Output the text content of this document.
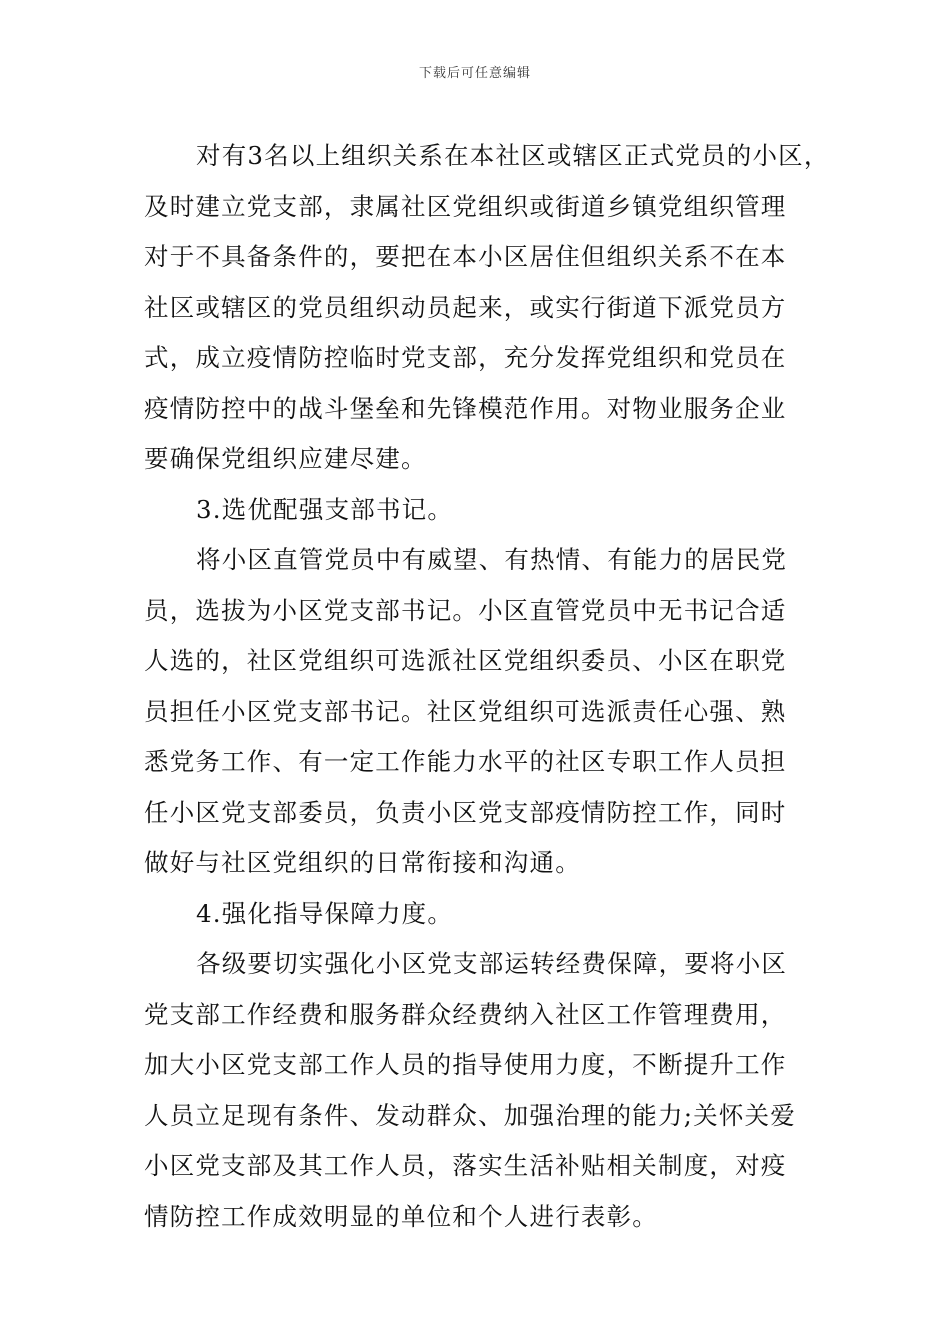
下载后可任意编辑
对有3名以上组织关系在本社区或辖区正式党员的小区，
及时建立党支部，隶属社区党组织或街道乡镇党组织管理
对于不具备条件的，要把在本小区居住但组织关系不在本
社区或辖区的党员组织动员起来，或实行街道下派党员方
式，成立疫情防控临时党支部，充分发挥党组织和党员在
疫情防控中的战斗堡垒和先锋模范作用。对物业服务企业
要确保党组织应建尽建。
3.选优配强支部书记。
将小区直管党员中有威望、有热情、有能力的居民党
员，选拔为小区党支部书记。小区直管党员中无书记合适
人选的，社区党组织可选派社区党组织委员、小区在职党
员担任小区党支部书记。社区党组织可选派责任心强、熟
悉党务工作、有一定工作能力水平的社区专职工作人员担
任小区党支部委员，负责小区党支部疫情防控工作，同时
做好与社区党组织的日常衔接和沟通。
4.强化指导保障力度。
各级要切实强化小区党支部运转经费保障，要将小区
党支部工作经费和服务群众经费纳入社区工作管理费用，
加大小区党支部工作人员的指导使用力度，不断提升工作
人员立足现有条件、发动群众、加强治理的能力;关怀关爱
小区党支部及其工作人员，落实生活补贴相关制度，对疫
情防控工作成效明显的单位和个人进行表彰。
